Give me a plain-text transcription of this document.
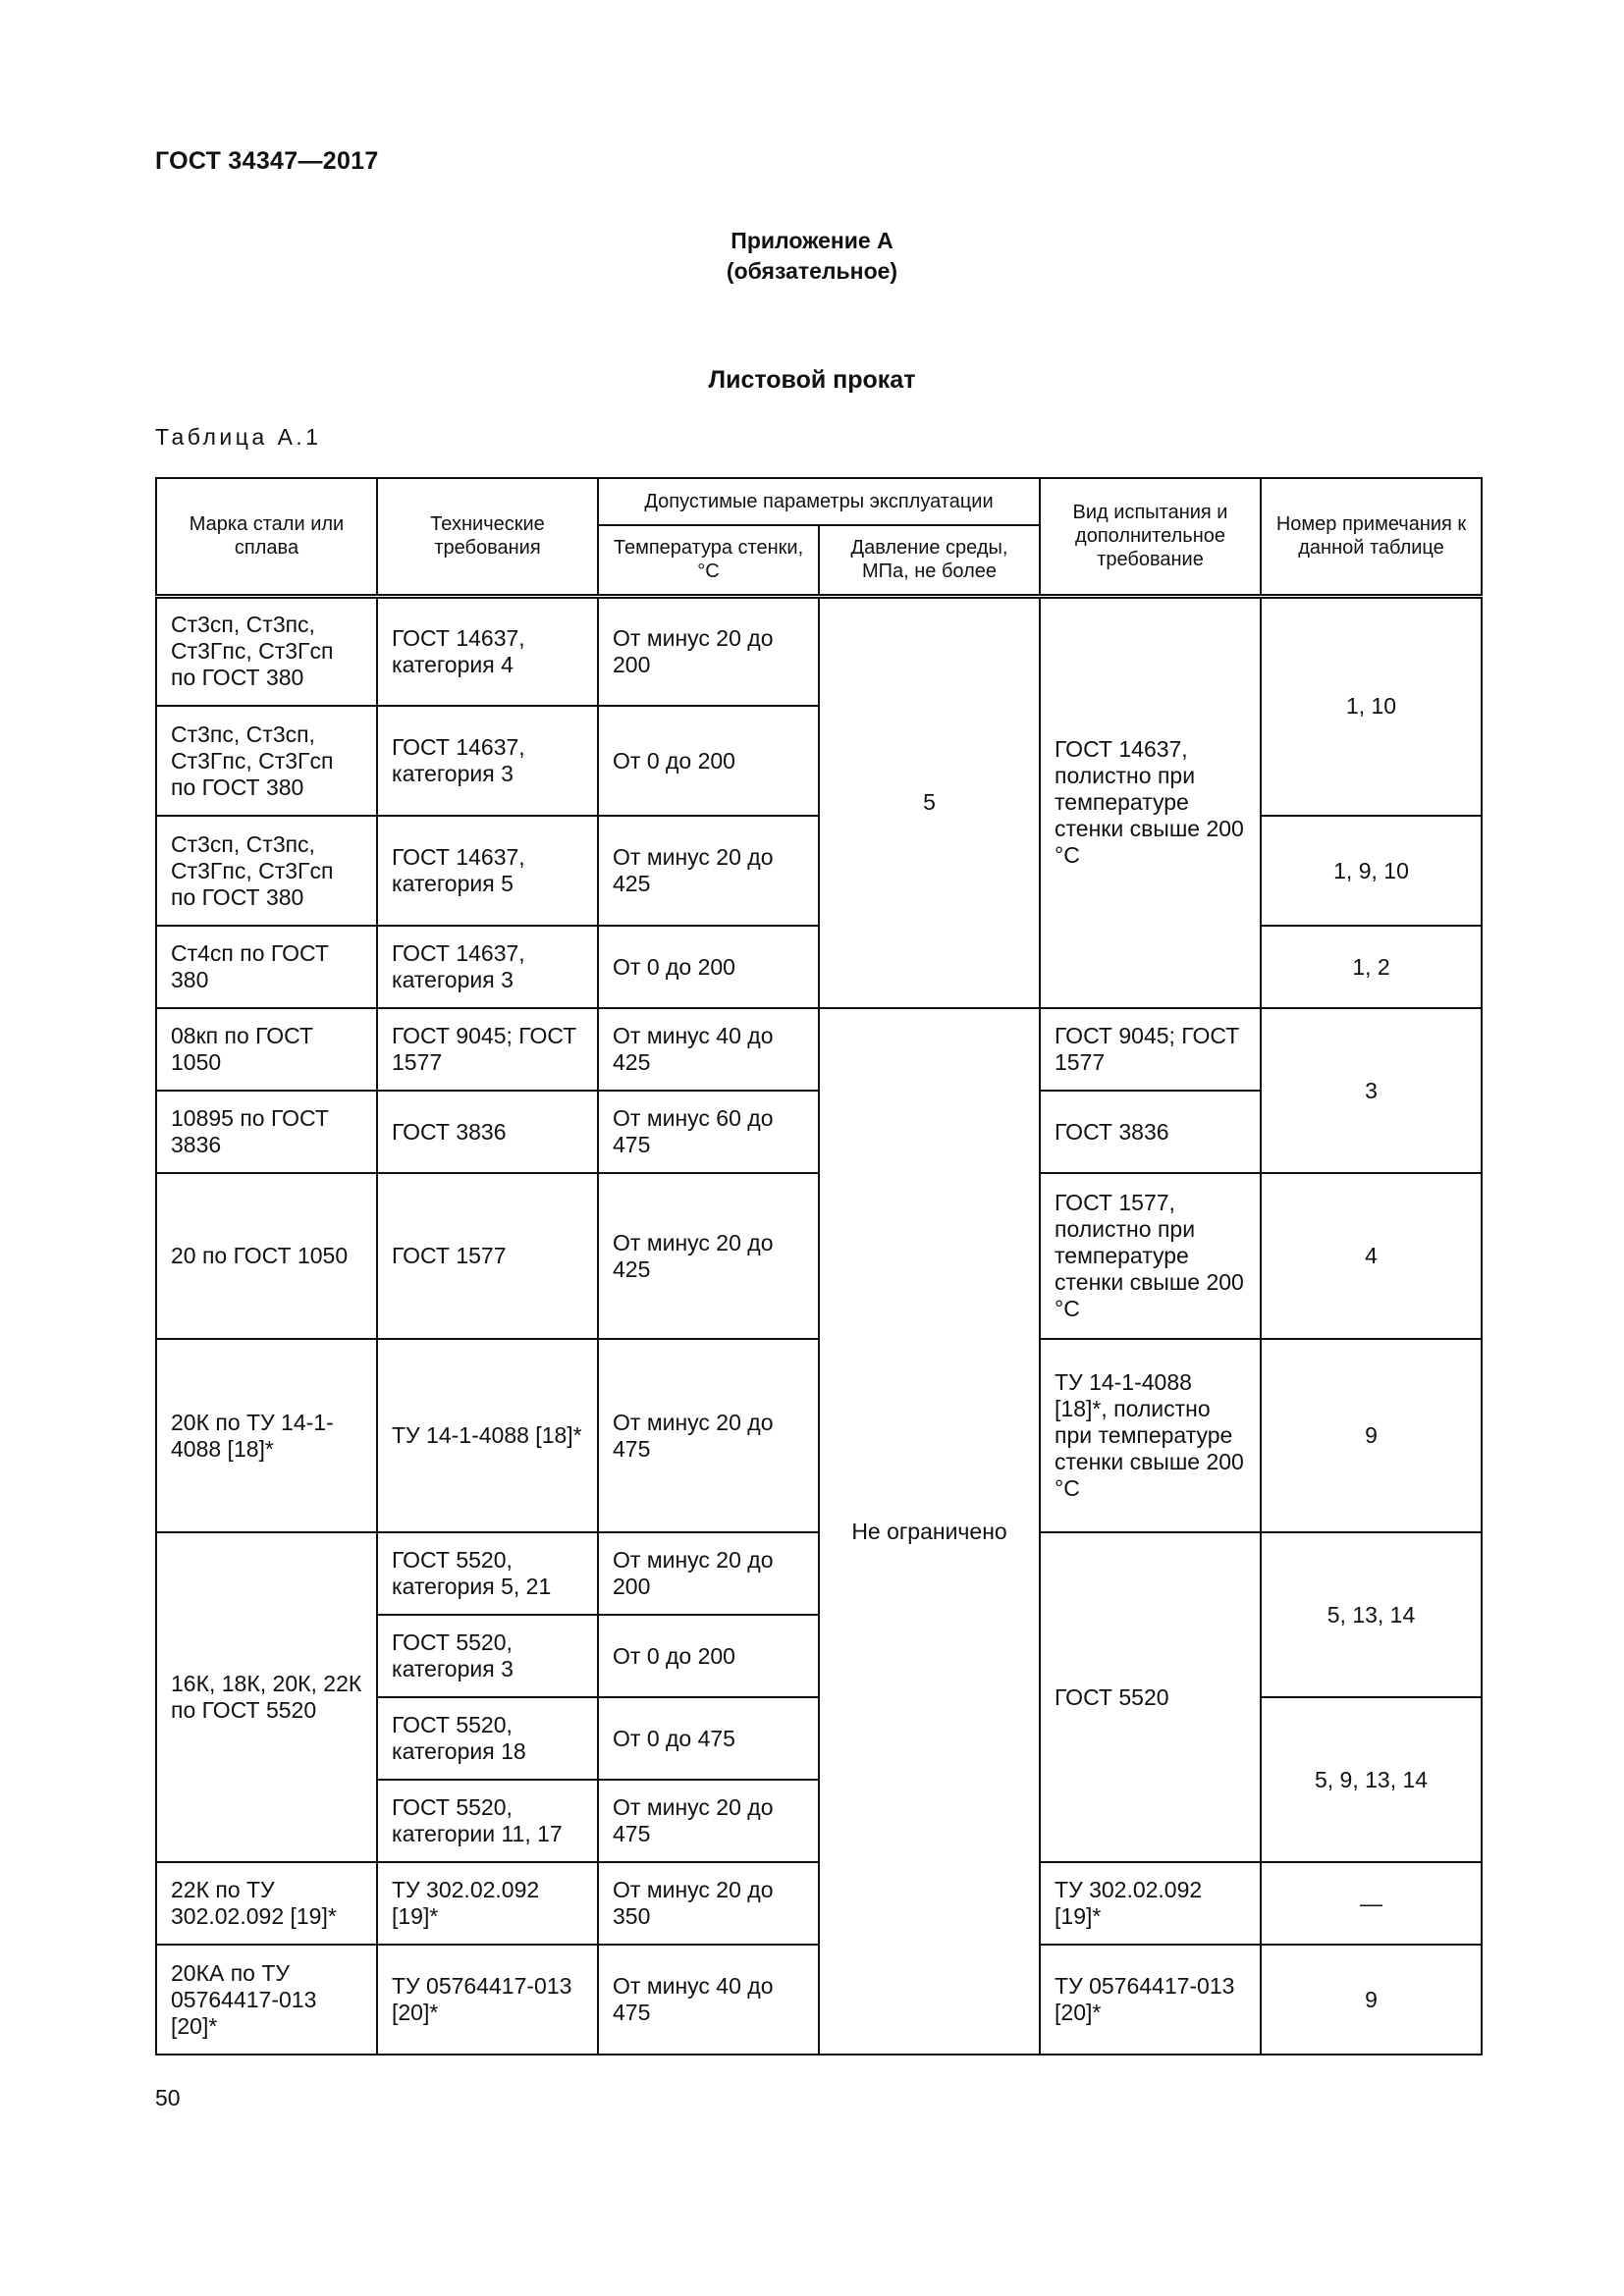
ГОСТ 34347—2017
Приложение А
(обязательное)
Листовой прокат
Таблица А.1
Марка стали или сплава	Технические требования	Допустимые параметры эксплуатации		Вид испытания и дополнительное требование	Номер примечания к данной таблице
		Температура стенки, °С	Давление среды, МПа, не более		
Ст3сп, Ст3пс, Ст3Гпс, Ст3Гсп по ГОСТ 380	ГОСТ 14637, категория 4	От минус 20 до 200	5	ГОСТ 14637, полистно при температуре стенки свыше 200 °С	1, 10
Ст3пс, Ст3сп, Ст3Гпс, Ст3Гсп по ГОСТ 380	ГОСТ 14637, категория 3	От 0 до 200			
Ст3сп, Ст3пс, Ст3Гпс, Ст3Гсп по ГОСТ 380	ГОСТ 14637, категория 5	От минус 20 до 425			1, 9, 10
Ст4сп по ГОСТ 380	ГОСТ 14637, категория 3	От 0 до 200			1, 2
08кп по ГОСТ 1050	ГОСТ 9045; ГОСТ 1577	От минус 40 до 425	Не ограничено	ГОСТ 9045; ГОСТ 1577	3
10895 по ГОСТ 3836	ГОСТ 3836	От минус 60 до 475		ГОСТ 3836	
20 по ГОСТ 1050	ГОСТ 1577	От минус 20 до 425		ГОСТ 1577, полистно при температуре стенки свыше 200 °С	4
20К по ТУ 14-1-4088 [18]*	ТУ 14-1-4088 [18]*	От минус 20 до 475		ТУ 14-1-4088 [18]*, полистно при температуре стенки свыше 200 °С	9
16К, 18К, 20К, 22К по ГОСТ 5520	ГОСТ 5520, категория 5, 21	От минус 20 до 200		ГОСТ 5520	5, 13, 14
	ГОСТ 5520, категория 3	От 0 до 200			
	ГОСТ 5520, категория 18	От 0 до 475			5, 9, 13, 14
	ГОСТ 5520, категории 11, 17	От минус 20 до 475			
22К по ТУ 302.02.092 [19]*	ТУ 302.02.092 [19]*	От минус 20 до 350		ТУ 302.02.092 [19]*	—
20КА по ТУ 05764417-013 [20]*	ТУ 05764417-013 [20]*	От минус 40 до 475		ТУ 05764417-013 [20]*	9
50
